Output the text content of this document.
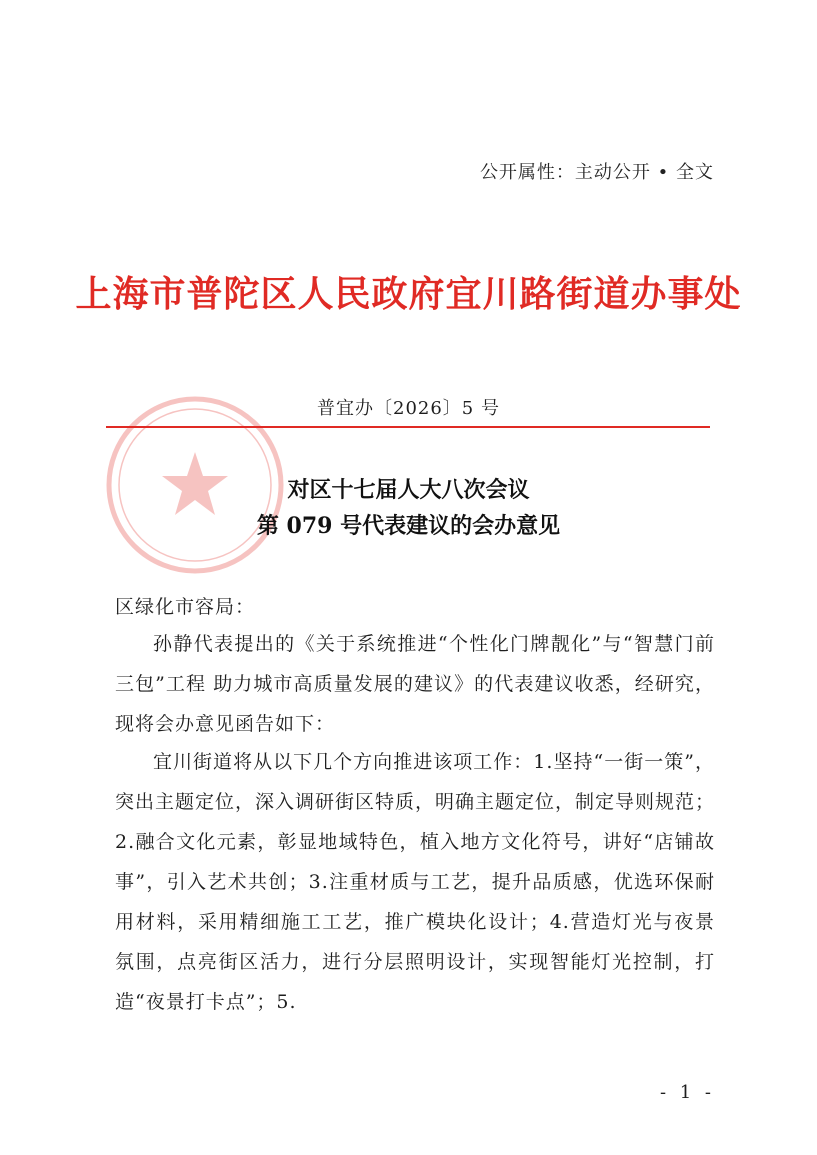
公开属性：主动公开 • 全文
上海市普陀区人民政府宜川路街道办事处
普宜办〔2026〕5 号
对区十七届人大八次会议
第 079 号代表建议的会办意见
区绿化市容局：
孙静代表提出的《关于系统推进“个性化门牌靓化”与“智慧门前三包”工程 助力城市高质量发展的建议》的代表建议收悉，经研究，现将会办意见函告如下：
宜川街道将从以下几个方向推进该项工作：1.坚持“一街一策”，突出主题定位，深入调研街区特质，明确主题定位，制定导则规范；2.融合文化元素，彰显地域特色，植入地方文化符号，讲好“店铺故事”，引入艺术共创；3.注重材质与工艺，提升品质感，优选环保耐用材料，采用精细施工工艺，推广模块化设计；4.营造灯光与夜景氛围，点亮街区活力，进行分层照明设计，实现智能灯光控制，打造“夜景打卡点”；5.
- 1 -
